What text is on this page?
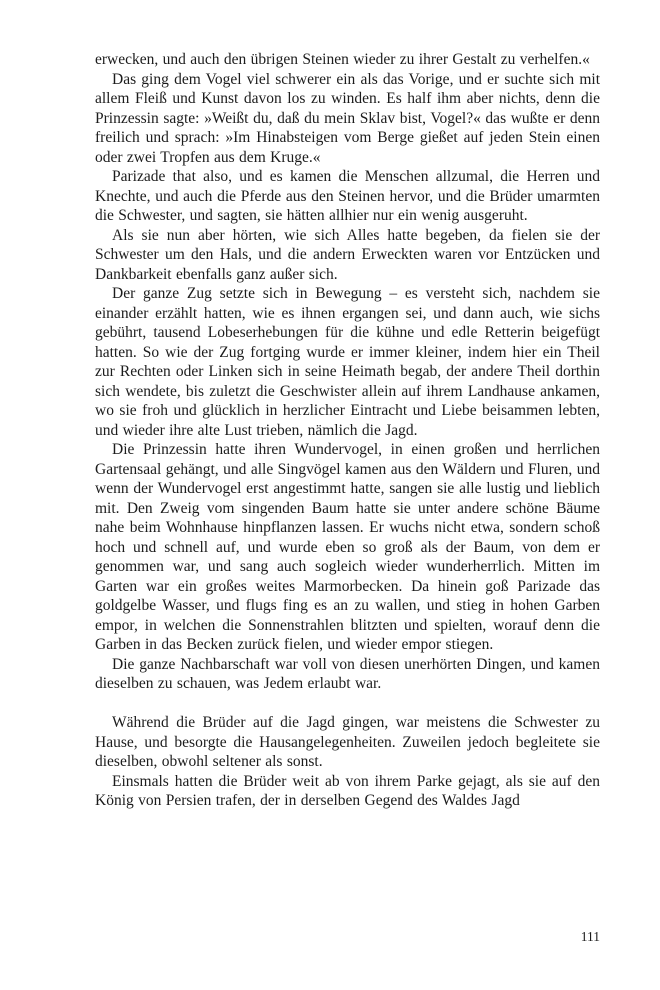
erwecken, und auch den übrigen Steinen wieder zu ihrer Gestalt zu verhelfen.«

Das ging dem Vogel viel schwerer ein als das Vorige, und er suchte sich mit allem Fleiß und Kunst davon los zu winden. Es half ihm aber nichts, denn die Prinzessin sagte: »Weißt du, daß du mein Sklav bist, Vogel?« das wußte er denn freilich und sprach: »Im Hinabsteigen vom Berge gießet auf jeden Stein einen oder zwei Tropfen aus dem Kruge.«

Parizade that also, und es kamen die Menschen allzumal, die Herren und Knechte, und auch die Pferde aus den Steinen hervor, und die Brüder umarmten die Schwester, und sagten, sie hätten allhier nur ein wenig ausgeruht.

Als sie nun aber hörten, wie sich Alles hatte begeben, da fielen sie der Schwester um den Hals, und die andern Erweckten waren vor Entzücken und Dankbarkeit ebenfalls ganz außer sich.

Der ganze Zug setzte sich in Bewegung – es versteht sich, nachdem sie einander erzählt hatten, wie es ihnen ergangen sei, und dann auch, wie sichs gebührt, tausend Lobeserhebungen für die kühne und edle Retterin beigefügt hatten. So wie der Zug fortging wurde er immer kleiner, indem hier ein Theil zur Rechten oder Linken sich in seine Heimath begab, der andere Theil dorthin sich wendete, bis zuletzt die Geschwister allein auf ihrem Landhause ankamen, wo sie froh und glücklich in herzlicher Eintracht und Liebe beisammen lebten, und wieder ihre alte Lust trieben, nämlich die Jagd.

Die Prinzessin hatte ihren Wundervogel, in einen großen und herrlichen Gartensaal gehängt, und alle Singvögel kamen aus den Wäldern und Fluren, und wenn der Wundervogel erst angestimmt hatte, sangen sie alle lustig und lieblich mit. Den Zweig vom singenden Baum hatte sie unter andere schöne Bäume nahe beim Wohnhause hinpflanzen lassen. Er wuchs nicht etwa, sondern schoß hoch und schnell auf, und wurde eben so groß als der Baum, von dem er genommen war, und sang auch sogleich wieder wunderherrlich. Mitten im Garten war ein großes weites Marmorbecken. Da hinein goß Parizade das goldgelbe Wasser, und flugs fing es an zu wallen, und stieg in hohen Garben empor, in welchen die Sonnenstrahlen blitzten und spielten, worauf denn die Garben in das Becken zurück fielen, und wieder empor stiegen.

Die ganze Nachbarschaft war voll von diesen unerhörten Dingen, und kamen dieselben zu schauen, was Jedem erlaubt war.

Während die Brüder auf die Jagd gingen, war meistens die Schwester zu Hause, und besorgte die Hausangelegenheiten. Zuweilen jedoch begleitete sie dieselben, obwohl seltener als sonst.

Einsmals hatten die Brüder weit ab von ihrem Parke gejagt, als sie auf den König von Persien trafen, der in derselben Gegend des Waldes Jagd

111
